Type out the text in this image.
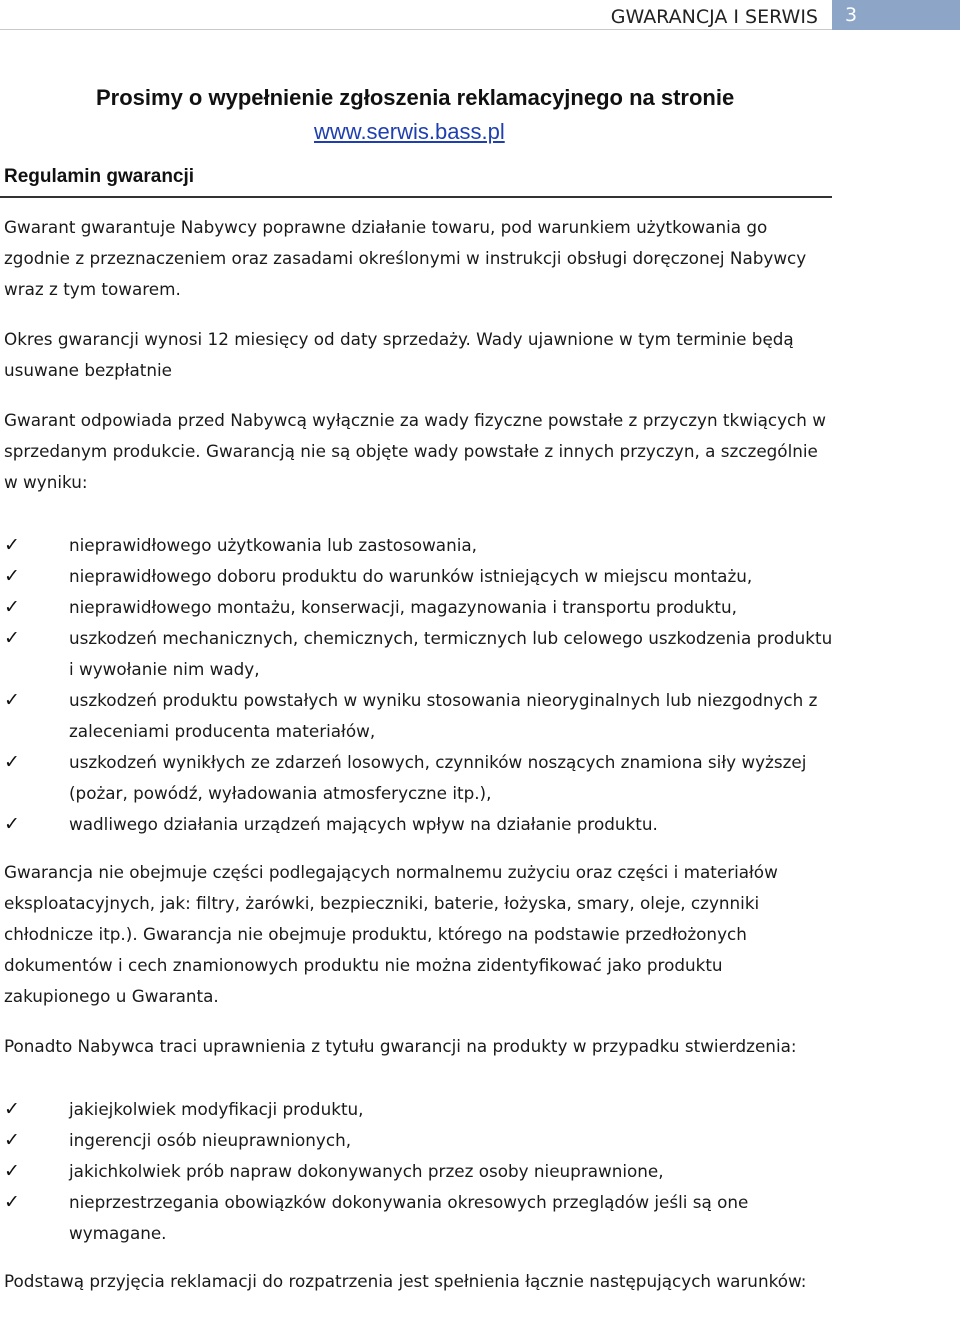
GWARANCJA I SERWIS 3
Prosimy o wypełnienie zgłoszenia reklamacyjnego na stronie
www.serwis.bass.pl
Regulamin gwarancji

Gwarant gwarantuje Nabywcy poprawne działanie towaru, pod warunkiem użytkowania go zgodnie z przeznaczeniem oraz zasadami określonymi w instrukcji obsługi doręczonej Nabywcy wraz z tym towarem.

Okres gwarancji wynosi 12 miesięcy od daty sprzedaży. Wady ujawnione w tym terminie będą usuwane bezpłatnie

Gwarant odpowiada przed Nabywcą wyłącznie za wady fizyczne powstałe z przyczyn tkwiących w sprzedanym produkcie. Gwarancją nie są objęte wady powstałe z innych przyczyn, a szczególnie w wyniku:

✓	nieprawidłowego użytkowania lub zastosowania,
✓	nieprawidłowego doboru produktu do warunków istniejących w miejscu montażu,
✓	nieprawidłowego montażu, konserwacji, magazynowania i transportu produktu,
✓	uszkodzeń mechanicznych, chemicznych, termicznych lub celowego uszkodzenia produktu i wywołanie nim wady,
✓	uszkodzeń produktu powstałych w wyniku stosowania nieoryginalnych lub niezgodnych z zaleceniami producenta materiałów,
✓	uszkodzeń wynikłych ze zdarzeń losowych, czynników noszących znamiona siły wyższej (pożar, powódź, wyładowania atmosferyczne itp.),
✓	wadliwego działania urządzeń mających wpływ na działanie produktu.

Gwarancja nie obejmuje części podlegających normalnemu zużyciu oraz części i materiałów eksploatacyjnych, jak: filtry, żarówki, bezpieczniki, baterie, łożyska, smary, oleje, czynniki chłodnicze itp.). Gwarancja nie obejmuje produktu, którego na podstawie przedłożonych dokumentów i cech znamionowych produktu nie można zidentyfikować jako produktu zakupionego u Gwaranta.

Ponadto Nabywca traci uprawnienia z tytułu gwarancji na produkty w przypadku stwierdzenia:

✓	jakiejkolwiek modyfikacji produktu,
✓	ingerencji osób nieuprawnionych,
✓	jakichkolwiek prób napraw dokonywanych przez osoby nieuprawnione,
✓	nieprzestrzegania obowiązków dokonywania okresowych przeglądów jeśli są one wymagane.

Podstawą przyjęcia reklamacji do rozpatrzenia jest spełnienia łącznie następujących warunków:
